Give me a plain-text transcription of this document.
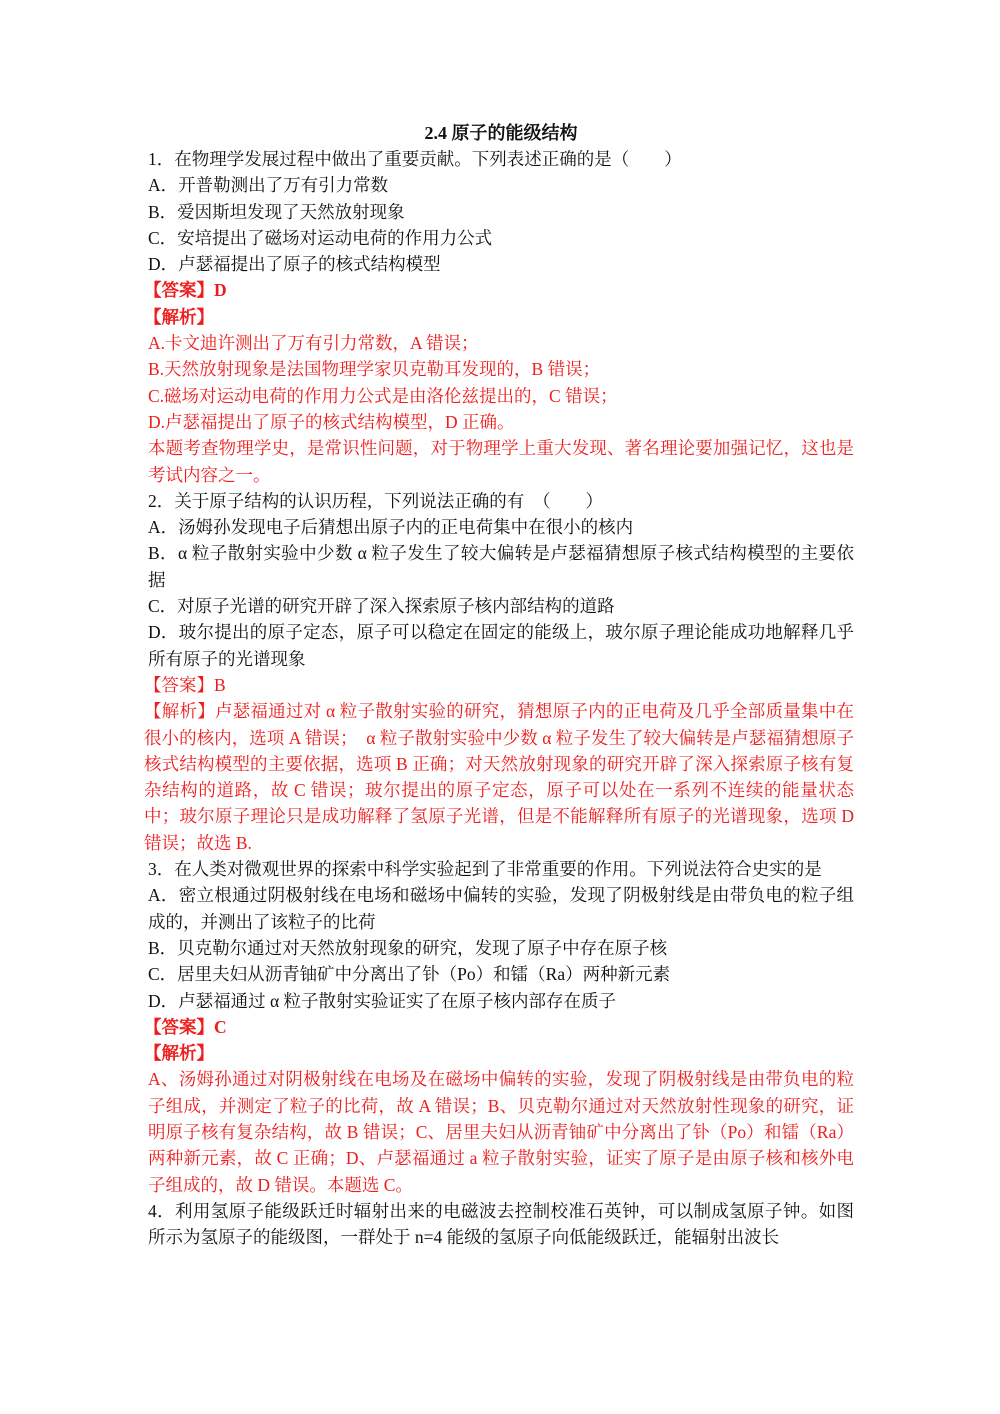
2.4 原子的能级结构
1．在物理学发展过程中做出了重要贡献。下列表述正确的是（　　）
A．开普勒测出了万有引力常数
B．爱因斯坦发现了天然放射现象
C．安培提出了磁场对运动电荷的作用力公式
D．卢瑟福提出了原子的核式结构模型
【答案】D
【解析】
A.卡文迪许测出了万有引力常数，A 错误；
B.天然放射现象是法国物理学家贝克勒耳发现的，B 错误；
C.磁场对运动电荷的作用力公式是由洛伦兹提出的，C 错误；
D.卢瑟福提出了原子的核式结构模型，D 正确。
本题考查物理学史，是常识性问题，对于物理学上重大发现、著名理论要加强记忆，这也是考试内容之一。
2．关于原子结构的认识历程，下列说法正确的有　（　　）
A．汤姆孙发现电子后猜想出原子内的正电荷集中在很小的核内
B．α 粒子散射实验中少数 α 粒子发生了较大偏转是卢瑟福猜想原子核式结构模型的主要依据
C．对原子光谱的研究开辟了深入探索原子核内部结构的道路
D．玻尔提出的原子定态，原子可以稳定在固定的能级上，玻尔原子理论能成功地解释几乎所有原子的光谱现象
【答案】B
【解析】卢瑟福通过对 α 粒子散射实验的研究，猜想原子内的正电荷及几乎全部质量集中在很小的核内，选项 A 错误；　α 粒子散射实验中少数 α 粒子发生了较大偏转是卢瑟福猜想原子核式结构模型的主要依据，选项 B 正确；对天然放射现象的研究开辟了深入探索原子核有复杂结构的道路，故 C 错误；玻尔提出的原子定态，原子可以处在一系列不连续的能量状态中；玻尔原子理论只是成功解释了氢原子光谱，但是不能解释所有原子的光谱现象，选项 D 错误；故选 B.
3．在人类对微观世界的探索中科学实验起到了非常重要的作用。下列说法符合史实的是
A．密立根通过阴极射线在电场和磁场中偏转的实验，发现了阴极射线是由带负电的粒子组成的，并测出了该粒子的比荷
B．贝克勒尔通过对天然放射现象的研究，发现了原子中存在原子核
C．居里夫妇从沥青铀矿中分离出了钋（Po）和镭（Ra）两种新元素
D．卢瑟福通过 α 粒子散射实验证实了在原子核内部存在质子
【答案】C
【解析】
A、汤姆孙通过对阴极射线在电场及在磁场中偏转的实验，发现了阴极射线是由带负电的粒子组成，并测定了粒子的比荷，故 A 错误；B、贝克勒尔通过对天然放射性现象的研究，证明原子核有复杂结构，故 B 错误；C、居里夫妇从沥青铀矿中分离出了钋（Po）和镭（Ra）两种新元素，故 C 正确；D、卢瑟福通过 a 粒子散射实验，证实了原子是由原子核和核外电子组成的，故 D 错误。本题选 C。
4．利用氢原子能级跃迁时辐射出来的电磁波去控制校准石英钟，可以制成氢原子钟。如图所示为氢原子的能级图，一群处于 n=4 能级的氢原子向低能级跃迁，能辐射出波长
